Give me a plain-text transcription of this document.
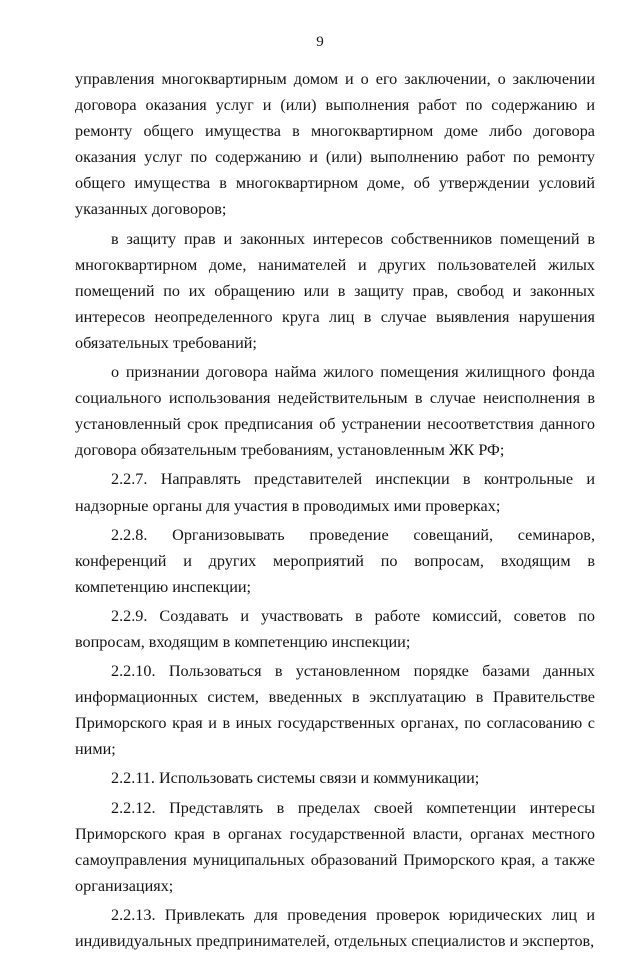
9

управления многоквартирным домом и о его заключении, о заключении договора оказания услуг и (или) выполнения работ по содержанию и ремонту общего имущества в многоквартирном доме либо договора оказания услуг по содержанию и (или) выполнению работ по ремонту общего имущества в многоквартирном доме, об утверждении условий указанных договоров;

в защиту прав и законных интересов собственников помещений в многоквартирном доме, нанимателей и других пользователей жилых помещений по их обращению или в защиту прав, свобод и законных интересов неопределенного круга лиц в случае выявления нарушения обязательных требований;

о признании договора найма жилого помещения жилищного фонда социального использования недействительным в случае неисполнения в установленный срок предписания об устранении несоответствия данного договора обязательным требованиям, установленным ЖК РФ;

2.2.7. Направлять представителей инспекции в контрольные и надзорные органы для участия в проводимых ими проверках;

2.2.8. Организовывать проведение совещаний, семинаров, конференций и других мероприятий по вопросам, входящим в компетенцию инспекции;

2.2.9. Создавать и участвовать в работе комиссий, советов по вопросам, входящим в компетенцию инспекции;

2.2.10. Пользоваться в установленном порядке базами данных информационных систем, введенных в эксплуатацию в Правительстве Приморского края и в иных государственных органах, по согласованию с ними;

2.2.11. Использовать системы связи и коммуникации;

2.2.12. Представлять в пределах своей компетенции интересы Приморского края в органах государственной власти, органах местного самоуправления муниципальных образований Приморского края, а также организациях;

2.2.13. Привлекать для проведения проверок юридических лиц и индивидуальных предпринимателей, отдельных специалистов и экспертов,
